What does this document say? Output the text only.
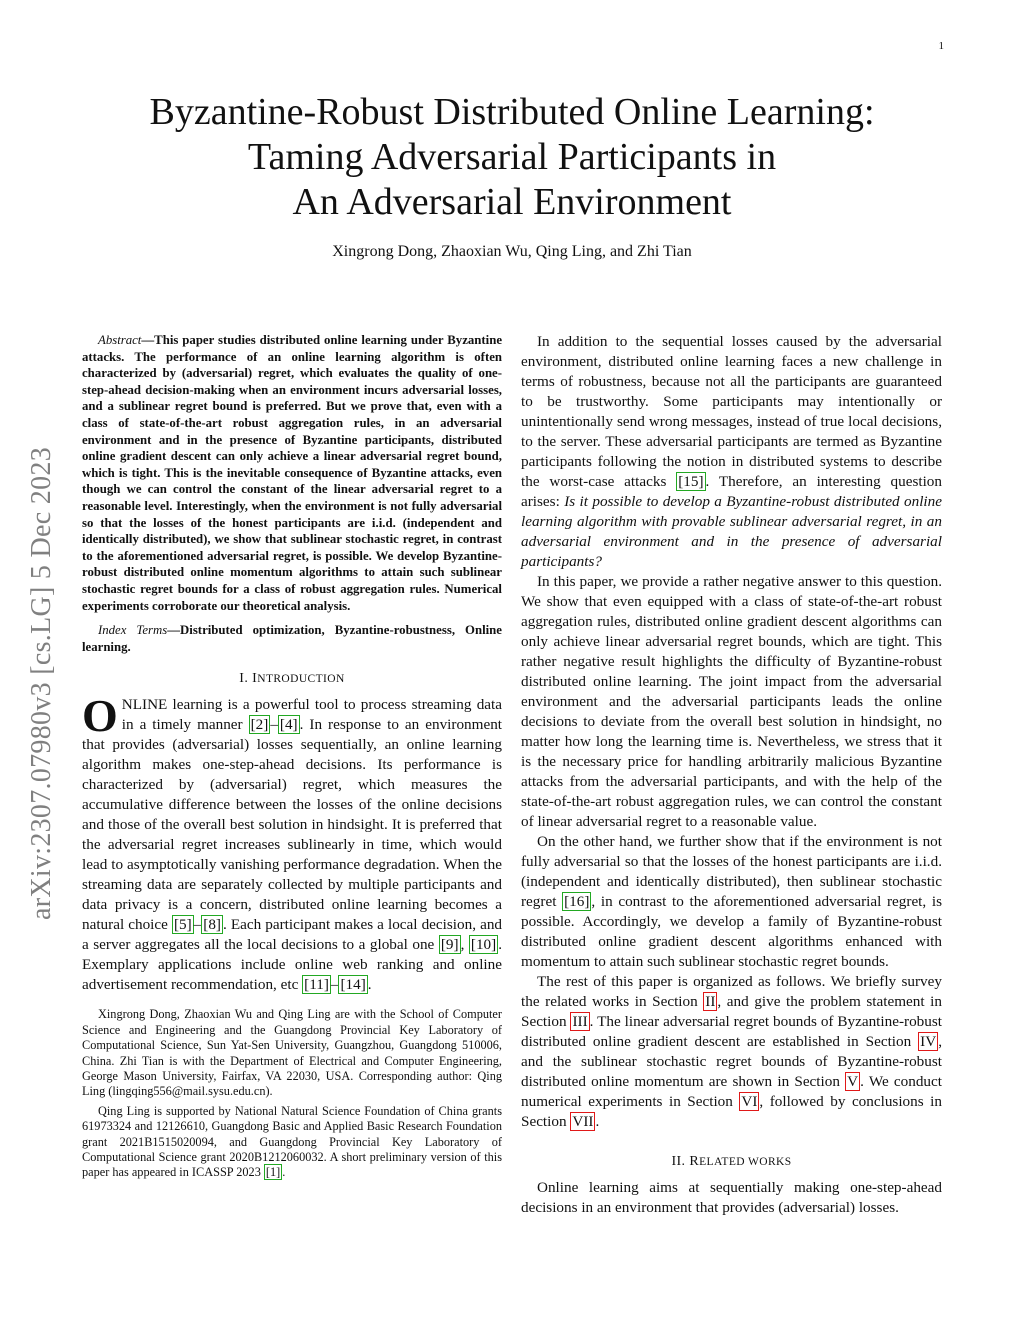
1
arXiv:2307.07980v3 [cs.LG] 5 Dec 2023
Byzantine-Robust Distributed Online Learning:
Taming Adversarial Participants in
An Adversarial Environment
Xingrong Dong, Zhaoxian Wu, Qing Ling, and Zhi Tian

Abstract—This paper studies distributed online learning under Byzantine attacks. The performance of an online learning algorithm is often characterized by (adversarial) regret, which evaluates the quality of one-step-ahead decision-making when an environment incurs adversarial losses, and a sublinear regret bound is preferred. But we prove that, even with a class of state-of-the-art robust aggregation rules, in an adversarial environment and in the presence of Byzantine participants, distributed online gradient descent can only achieve a linear adversarial regret bound, which is tight. This is the inevitable consequence of Byzantine attacks, even though we can control the constant of the linear adversarial regret to a reasonable level. Interestingly, when the environment is not fully adversarial so that the losses of the honest participants are i.i.d. (independent and identically distributed), we show that sublinear stochastic regret, in contrast to the aforementioned adversarial regret, is possible. We develop Byzantine-robust distributed online momentum algorithms to attain such sublinear stochastic regret bounds for a class of robust aggregation rules. Numerical experiments corroborate our theoretical analysis.

Index Terms—Distributed optimization, Byzantine-robustness, Online learning.

I. INTRODUCTION

ONLINE learning is a powerful tool to process streaming data in a timely manner [2] – [4] . In response to an environment that provides (adversarial) losses sequentially, an online learning algorithm makes one-step-ahead decisions. Its performance is characterized by (adversarial) regret, which measures the accumulative difference between the losses of the online decisions and those of the overall best solution in hindsight. It is preferred that the adversarial regret increases sublinearly in time, which would lead to asymptotically vanishing performance degradation. When the streaming data are separately collected by multiple participants and data privacy is a concern, distributed online learning becomes a natural choice [5] – [8] . Each participant makes a local decision, and a server aggregates all the local decisions to a global one [9] , [10] . Exemplary applications include online web ranking and online advertisement recommendation, etc [11] – [14] .

Xingrong Dong, Zhaoxian Wu and Qing Ling are with the School of Computer Science and Engineering and the Guangdong Provincial Key Laboratory of Computational Science, Sun Yat-Sen University, Guangzhou, Guangdong 510006, China. Zhi Tian is with the Department of Electrical and Computer Engineering, George Mason University, Fairfax, VA 22030, USA. Corresponding author: Qing Ling (lingqing556@mail.sysu.edu.cn).

Qing Ling is supported by National Natural Science Foundation of China grants 61973324 and 12126610, Guangdong Basic and Applied Basic Research Foundation grant 2021B1515020094, and Guangdong Provincial Key Laboratory of Computational Science grant 2020B1212060032. A short preliminary version of this paper has appeared in ICASSP 2023 [1] .

In addition to the sequential losses caused by the adversarial environment, distributed online learning faces a new challenge in terms of robustness, because not all the participants are guaranteed to be trustworthy. Some participants may intentionally or unintentionally send wrong messages, instead of true local decisions, to the server. These adversarial participants are termed as Byzantine participants following the notion in distributed systems to describe the worst-case attacks [15] . Therefore, an interesting question arises: Is it possible to develop a Byzantine-robust distributed online learning algorithm with provable sublinear adversarial regret, in an adversarial environment and in the presence of adversarial participants?

In this paper, we provide a rather negative answer to this question. We show that even equipped with a class of state-of-the-art robust aggregation rules, distributed online gradient descent algorithms can only achieve linear adversarial regret bounds, which are tight. This rather negative result highlights the difficulty of Byzantine-robust distributed online learning. The joint impact from the adversarial environment and the adversarial participants leads the online decisions to deviate from the overall best solution in hindsight, no matter how long the learning time is. Nevertheless, we stress that it is the necessary price for handling arbitrarily malicious Byzantine attacks from the adversarial participants, and with the help of the state-of-the-art robust aggregation rules, we can control the constant of linear adversarial regret to a reasonable value.

On the other hand, we further show that if the environment is not fully adversarial so that the losses of the honest participants are i.i.d. (independent and identically distributed), then sublinear stochastic regret [16] , in contrast to the aforementioned adversarial regret, is possible. Accordingly, we develop a family of Byzantine-robust distributed online gradient descent algorithms enhanced with momentum to attain such sublinear stochastic regret bounds.

The rest of this paper is organized as follows. We briefly survey the related works in Section II , and give the problem statement in Section III . The linear adversarial regret bounds of Byzantine-robust distributed online gradient descent are established in Section IV , and the sublinear stochastic regret bounds of Byzantine-robust distributed online momentum are shown in Section V . We conduct numerical experiments in Section VI , followed by conclusions in Section VII .

II. RELATED WORKS

Online learning aims at sequentially making one-step-ahead decisions in an environment that provides (adversarial) losses.
